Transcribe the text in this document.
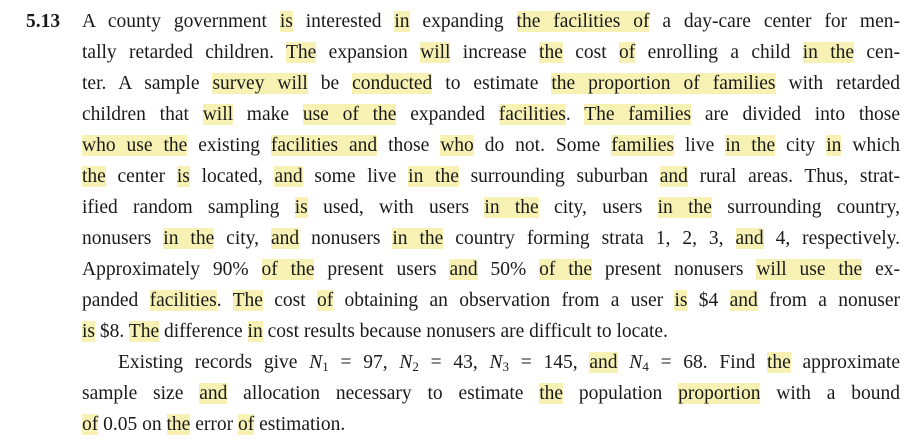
5.13 A county government is interested in expanding the facilities of a day-care center for men-
tally retarded children. The expansion will increase the cost of enrolling a child in the cen-
ter. A sample survey will be conducted to estimate the proportion of families with retarded
children that will make use of the expanded facilities. The families are divided into those
who use the existing facilities and those who do not. Some families live in the city in which
the center is located, and some live in the surrounding suburban and rural areas. Thus, strat-
ified random sampling is used, with users in the city, users in the surrounding country,
nonusers in the city, and nonusers in the country forming strata 1, 2, 3, and 4, respectively.
Approximately 90% of the present users and 50% of the present nonusers will use the ex-
panded facilities. The cost of obtaining an observation from a user is $4 and from a nonuser
is $8. The difference in cost results because nonusers are difficult to locate.
Existing records give $N_1 = 97$, $N_2 = 43$, $N_3 = 145$, and $N_4 = 68$. Find the approximate
sample size and allocation necessary to estimate the population proportion with a bound
of 0.05 on the error of estimation.
